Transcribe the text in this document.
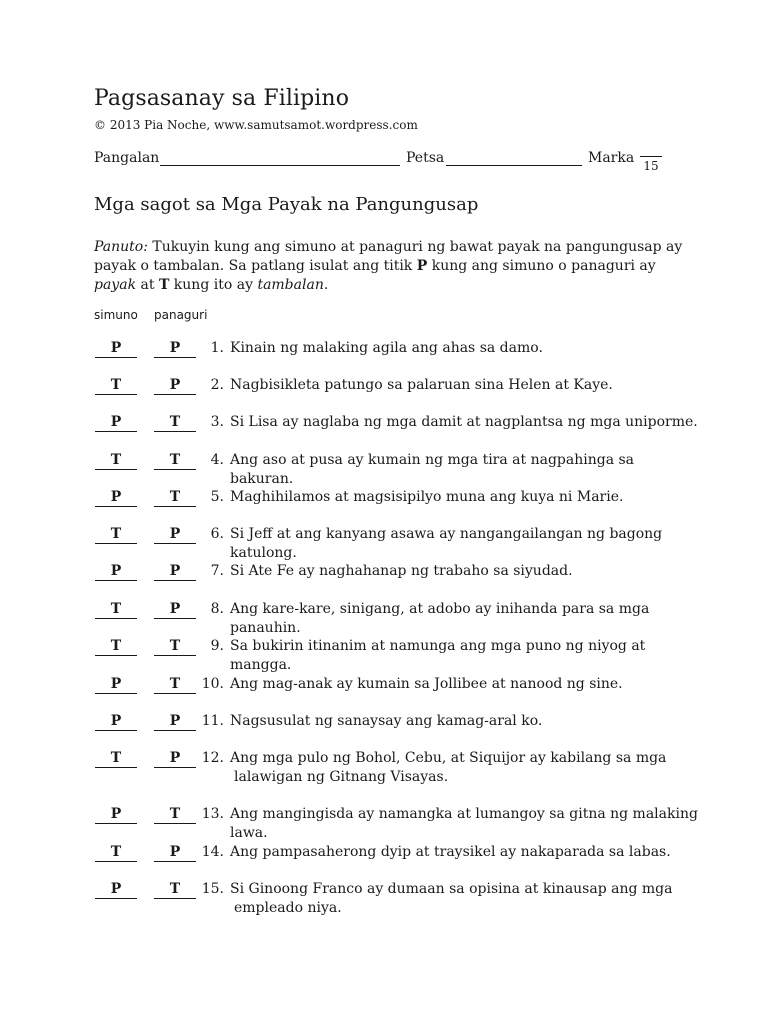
Pagsasanay sa Filipino
© 2013 Pia Noche, www.samutsamot.wordpress.com
Pangalan	Petsa	Marka 15
Mga sagot sa Mga Payak na Pangungusap
Panuto: Tukuyin kung ang simuno at panaguri ng bawat payak na pangungusap ay payak o tambalan. Sa patlang isulat ang titik P kung ang simuno o panaguri ay payak at T kung ito ay tambalan.
simuno panaguri
P	P	1. Kinain ng malaking agila ang ahas sa damo.
T	P	2. Nagbisikleta patungo sa palaruan sina Helen at Kaye.
P	T	3. Si Lisa ay naglaba ng mga damit at nagplantsa ng mga uniporme.
T	T	4. Ang aso at pusa ay kumain ng mga tira at nagpahinga sa bakuran.
P	T	5. Maghihilamos at magsisipilyo muna ang kuya ni Marie.
T	P	6. Si Jeff at ang kanyang asawa ay nangangailangan ng bagong katulong.
P	P	7. Si Ate Fe ay naghahanap ng trabaho sa siyudad.
T	P	8. Ang kare-kare, sinigang, at adobo ay inihanda para sa mga panauhin.
T	T	9. Sa bukirin itinanim at namunga ang mga puno ng niyog at mangga.
P	T	10. Ang mag-anak ay kumain sa Jollibee at nanood ng sine.
P	P	11. Nagsusulat ng sanaysay ang kamag-aral ko.
T	P	12. Ang mga pulo ng Bohol, Cebu, at Siquijor ay kabilang sa mga
lalawigan ng Gitnang Visayas.
P	T	13. Ang mangingisda ay namangka at lumangoy sa gitna ng malaking lawa.
T	P	14. Ang pampasaherong dyip at traysikel ay nakaparada sa labas.
P	T	15. Si Ginoong Franco ay dumaan sa opisina at kinausap ang mga
empleado niya.
